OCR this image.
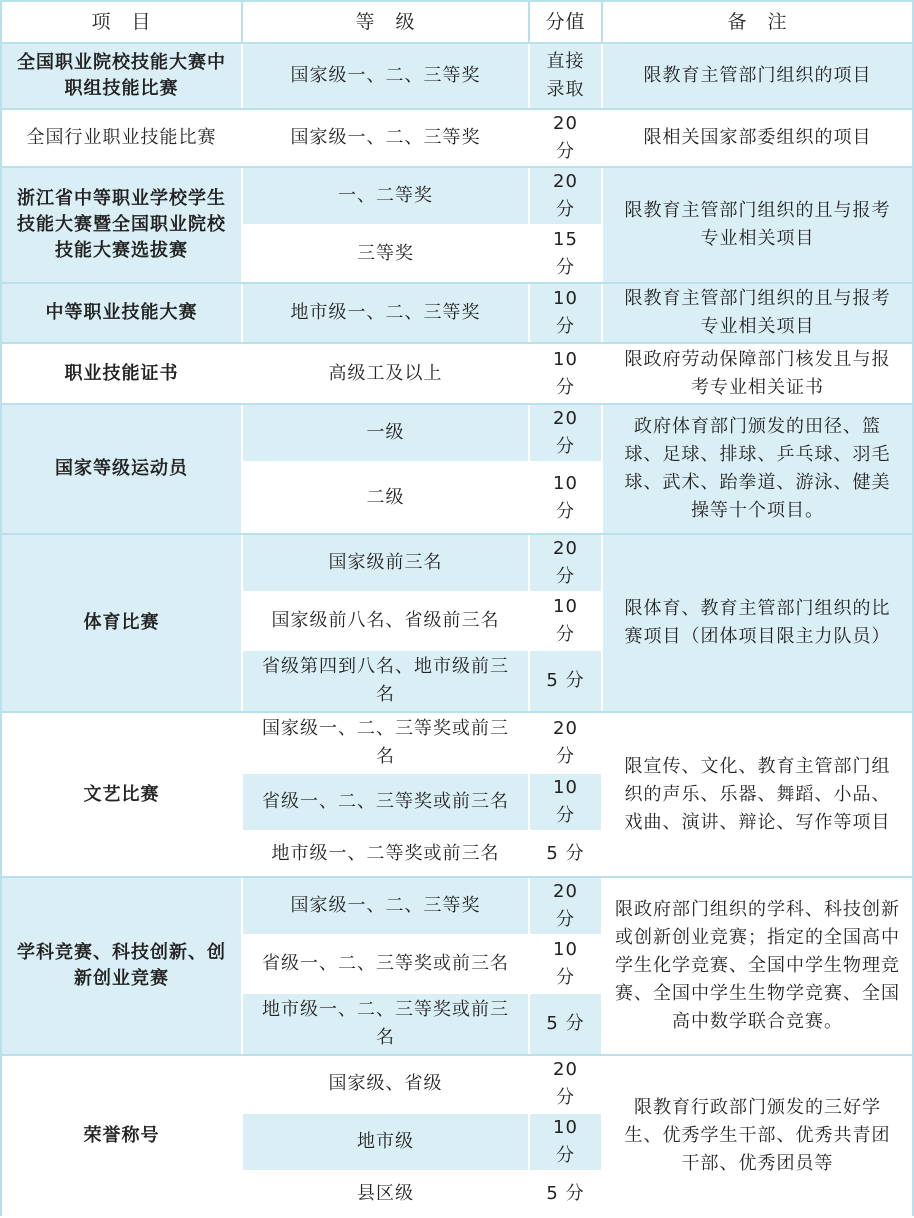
项　目	等　级	分值	备　注
全国职业院校技能大赛中职组技能比赛	国家级一、二、三等奖	直接录取	限教育主管部门组织的项目
全国行业职业技能比赛	国家级一、二、三等奖	20 分	限相关国家部委组织的项目
浙江省中等职业学校学生技能大赛暨全国职业院校技能大赛选拔赛	一、二等奖	20 分	限教育主管部门组织的且与报考专业相关项目
	三等奖	15 分	
中等职业技能大赛	地市级一、二、三等奖	10 分	限教育主管部门组织的且与报考专业相关项目
职业技能证书	高级工及以上	10 分	限政府劳动保障部门核发且与报考专业相关证书
国家等级运动员	一级	20 分	政府体育部门颁发的田径、篮球、足球、排球、乒乓球、羽毛球、武术、跆拳道、游泳、健美操等十个项目。
	二级	10 分	
体育比赛	国家级前三名	20 分	限体育、教育主管部门组织的比赛项目（团体项目限主力队员）
	国家级前八名、省级前三名	10 分	
	省级第四到八名、地市级前三名	5 分	
文艺比赛	国家级一、二、三等奖或前三名	20 分	限宣传、文化、教育主管部门组织的声乐、乐器、舞蹈、小品、戏曲、演讲、辩论、写作等项目
	省级一、二、三等奖或前三名	10 分	
	地市级一、二等奖或前三名	5 分	
学科竞赛、科技创新、创新创业竞赛	国家级一、二、三等奖	20 分	限政府部门组织的学科、科技创新或创新创业竞赛；指定的全国高中学生化学竞赛、全国中学生物理竞赛、全国中学生生物学竞赛、全国高中数学联合竞赛。
	省级一、二、三等奖或前三名	10 分	
	地市级一、二、三等奖或前三名	5 分	
荣誉称号	国家级、省级	20 分	限教育行政部门颁发的三好学生、优秀学生干部、优秀共青团干部、优秀团员等
	地市级	10 分	
	县区级	5 分	
